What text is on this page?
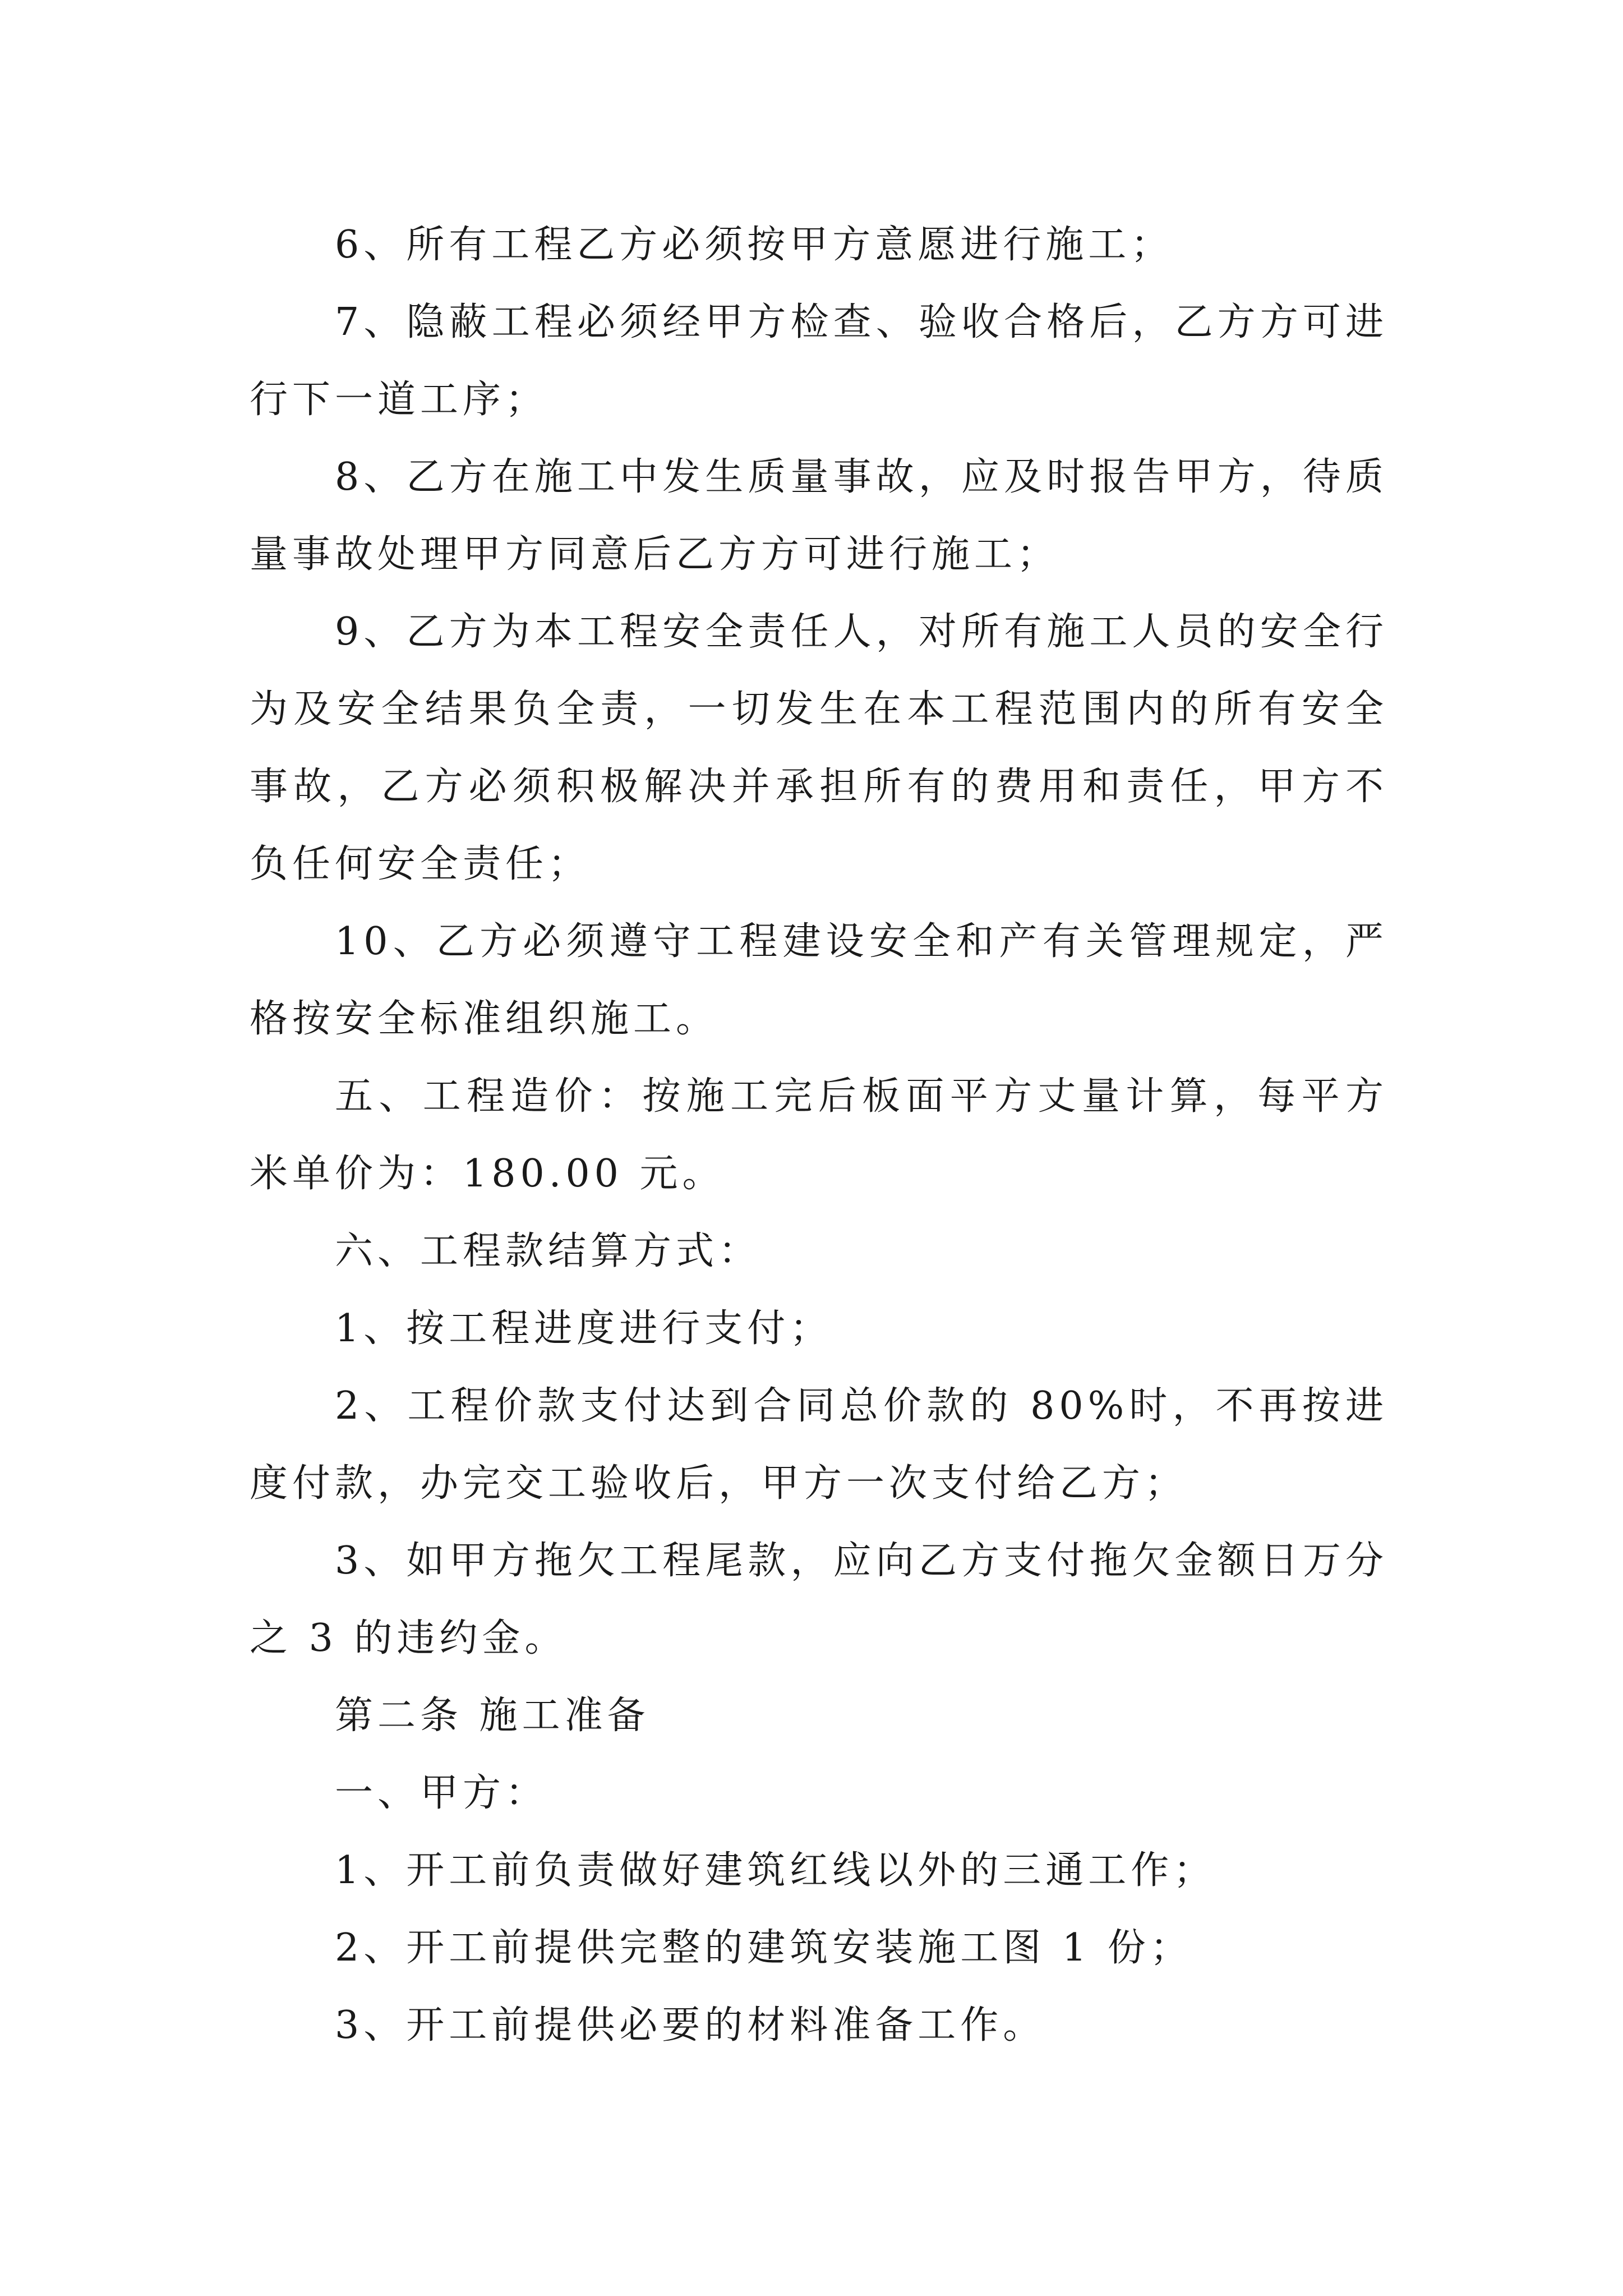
6、所有工程乙方必须按甲方意愿进行施工；

7、隐蔽工程必须经甲方检查、验收合格后，乙方方可进行下一道工序；

8、乙方在施工中发生质量事故，应及时报告甲方，待质量事故处理甲方同意后乙方方可进行施工；

9、乙方为本工程安全责任人，对所有施工人员的安全行为及安全结果负全责，一切发生在本工程范围内的所有安全事故，乙方必须积极解决并承担所有的费用和责任，甲方不负任何安全责任；

10、乙方必须遵守工程建设安全和产有关管理规定，严格按安全标准组织施工。

五、工程造价：按施工完后板面平方丈量计算，每平方米单价为：180.00 元。

六、工程款结算方式：

1、按工程进度进行支付；

2、工程价款支付达到合同总价款的 80%时，不再按进度付款，办完交工验收后，甲方一次支付给乙方；

3、如甲方拖欠工程尾款，应向乙方支付拖欠金额日万分之 3 的违约金。

第二条 施工准备

一、甲方：

1、开工前负责做好建筑红线以外的三通工作；

2、开工前提供完整的建筑安装施工图 1 份；

3、开工前提供必要的材料准备工作。
